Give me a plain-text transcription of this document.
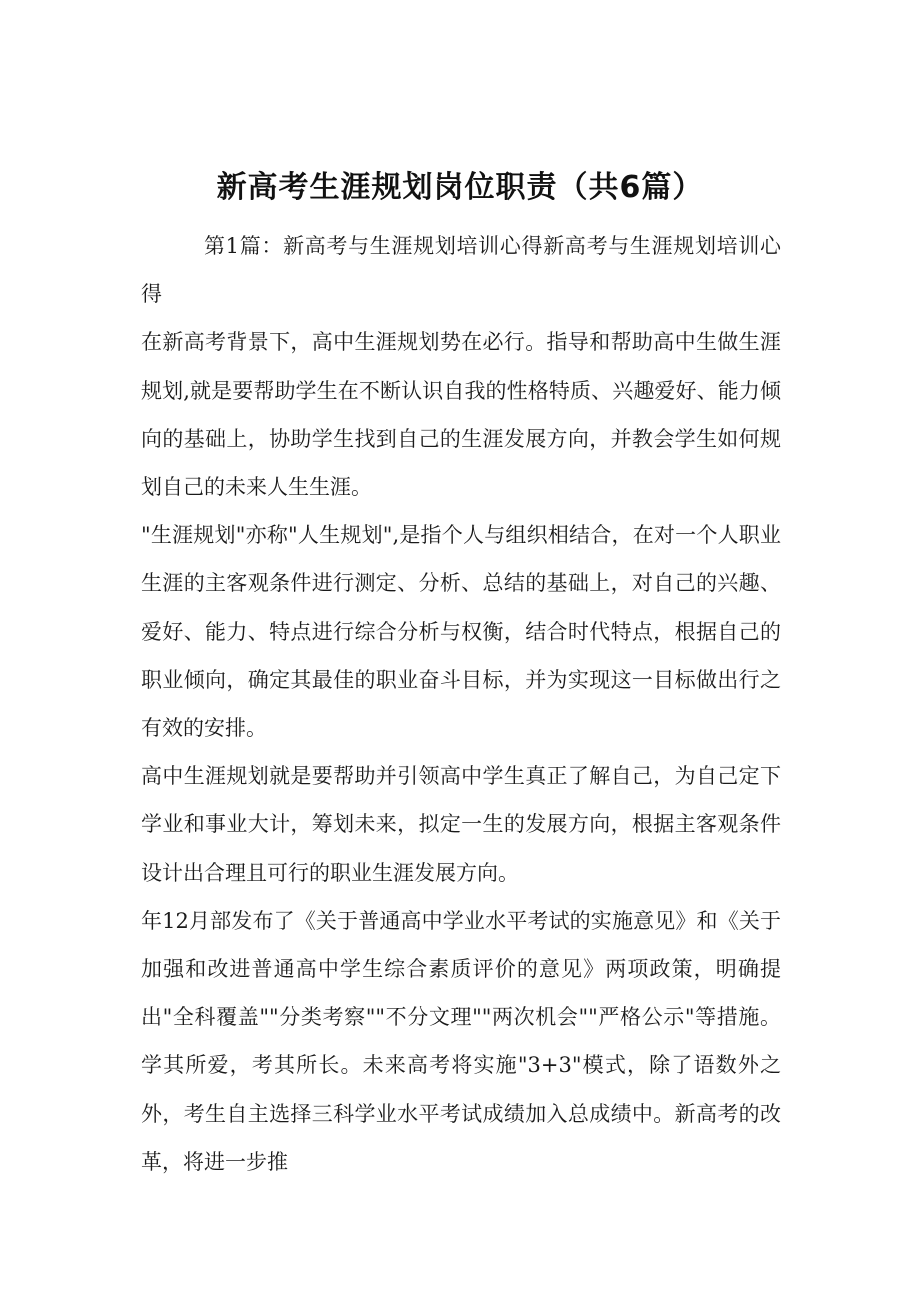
新高考生涯规划岗位职责（共6篇）

第1篇：新高考与生涯规划培训心得新高考与生涯规划培训心得

在新高考背景下，高中生涯规划势在必行。指导和帮助高中生做生涯规划,就是要帮助学生在不断认识自我的性格特质、兴趣爱好、能力倾向的基础上，协助学生找到自己的生涯发展方向，并教会学生如何规划自己的未来人生生涯。

"生涯规划"亦称"人生规划",是指个人与组织相结合，在对一个人职业生涯的主客观条件进行测定、分析、总结的基础上，对自己的兴趣、爱好、能力、特点进行综合分析与权衡，结合时代特点，根据自己的职业倾向，确定其最佳的职业奋斗目标，并为实现这一目标做出行之有效的安排。

高中生涯规划就是要帮助并引领高中学生真正了解自己，为自己定下学业和事业大计，筹划未来，拟定一生的发展方向，根据主客观条件设计出合理且可行的职业生涯发展方向。

年12月部发布了《关于普通高中学业水平考试的实施意见》和《关于加强和改进普通高中学生综合素质评价的意见》两项政策，明确提出"全科覆盖""分类考察""不分文理""两次机会""严格公示"等措施。学其所爱，考其所长。未来高考将实施"3+3"模式，除了语数外之外，考生自主选择三科学业水平考试成绩加入总成绩中。新高考的改革，将进一步推
